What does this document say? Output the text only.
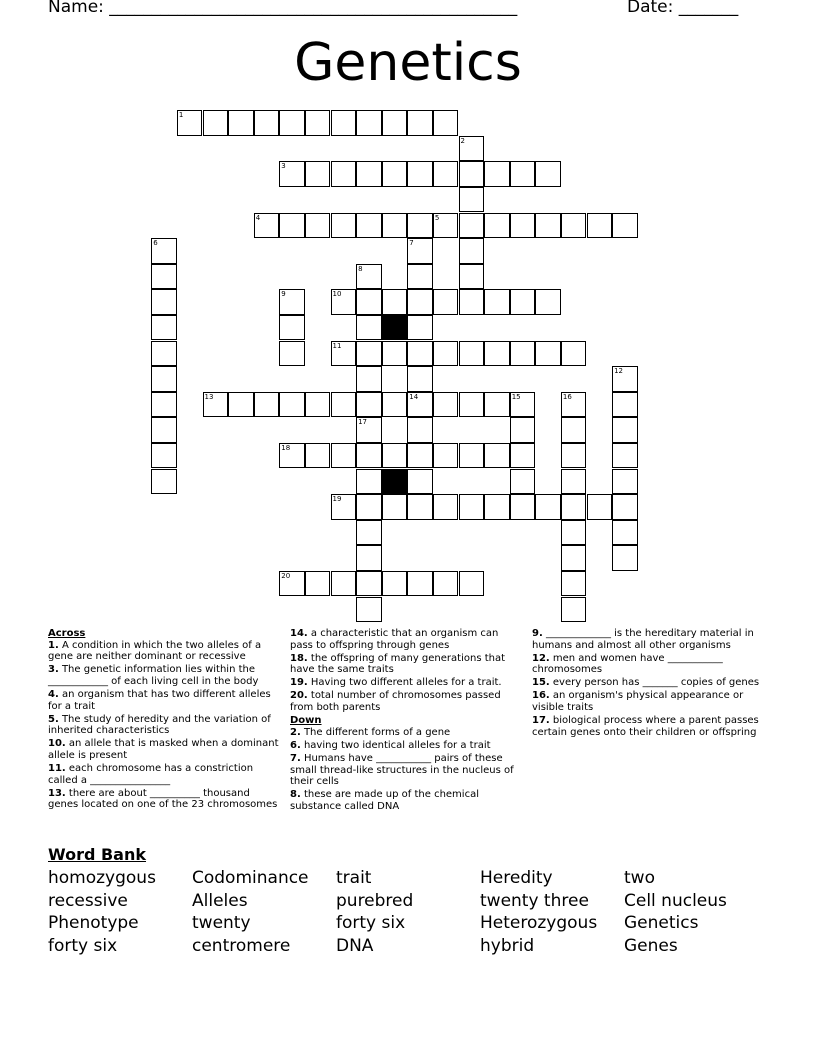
Name: ________________________________________________	Date: _______
Genetics
1
3
4	5
10
11
13	14	15
18
19
20
2
6	7
8
9
12
16
17
Across
1. A condition in which the two alleles of a gene are neither dominant or recessive
3. The genetic information lies within the ____________ of each living cell in the body
4. an organism that has two different alleles for a trait
5. The study of heredity and the variation of inherited characteristics
10. an allele that is masked when a dominant allele is present
11. each chromosome has a constriction called a ________________
13. there are about __________ thousand genes located on one of the 23 chromosomes
14. a characteristic that an organism can pass to offspring through genes
18. the offspring of many generations that have the same traits
19. Having two different alleles for a trait.
20. total number of chromosomes passed from both parents
Down
2. The different forms of a gene
6. having two identical alleles for a trait
7. Humans have ___________ pairs of these small thread-like structures in the nucleus of their cells
8. these are made up of the chemical substance called DNA
9. _____________ is the hereditary material in humans and almost all other organisms
12. men and women have ___________ chromosomes
15. every person has _______ copies of genes
16. an organism's physical appearance or visible traits
17. biological process where a parent passes certain genes onto their children or offspring
Word Bank
homozygous
recessive
Phenotype
forty six
Codominance
Alleles
twenty
centromere
trait
purebred
forty six
DNA
Heredity
twenty three
Heterozygous
hybrid
two
Cell nucleus
Genetics
Genes
